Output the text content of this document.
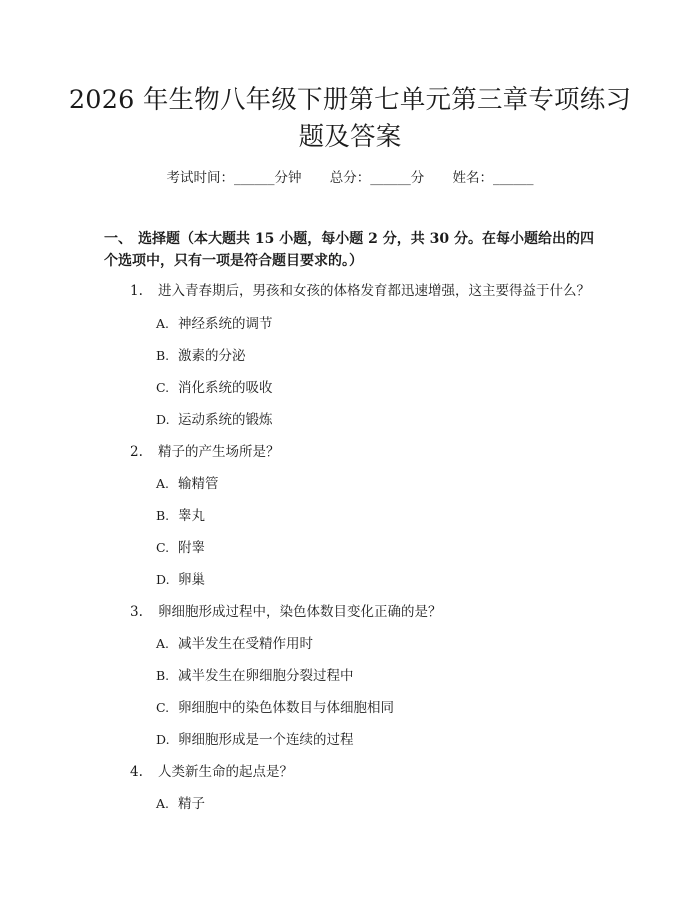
2026 年生物八年级下册第七单元第三章专项练习题及答案
考试时间：______分钟 总分：______分 姓名：______
一、 选择题（本大题共 15 小题，每小题 2 分，共 30 分。在每小题给出的四个选项中，只有一项是符合题目要求的。）
1. 进入青春期后，男孩和女孩的体格发育都迅速增强，这主要得益于什么？
A. 神经系统的调节
B. 激素的分泌
C. 消化系统的吸收
D. 运动系统的锻炼
2. 精子的产生场所是？
A. 输精管
B. 睾丸
C. 附睾
D. 卵巢
3. 卵细胞形成过程中，染色体数目变化正确的是？
A. 减半发生在受精作用时
B. 减半发生在卵细胞分裂过程中
C. 卵细胞中的染色体数目与体细胞相同
D. 卵细胞形成是一个连续的过程
4. 人类新生命的起点是？
A. 精子
